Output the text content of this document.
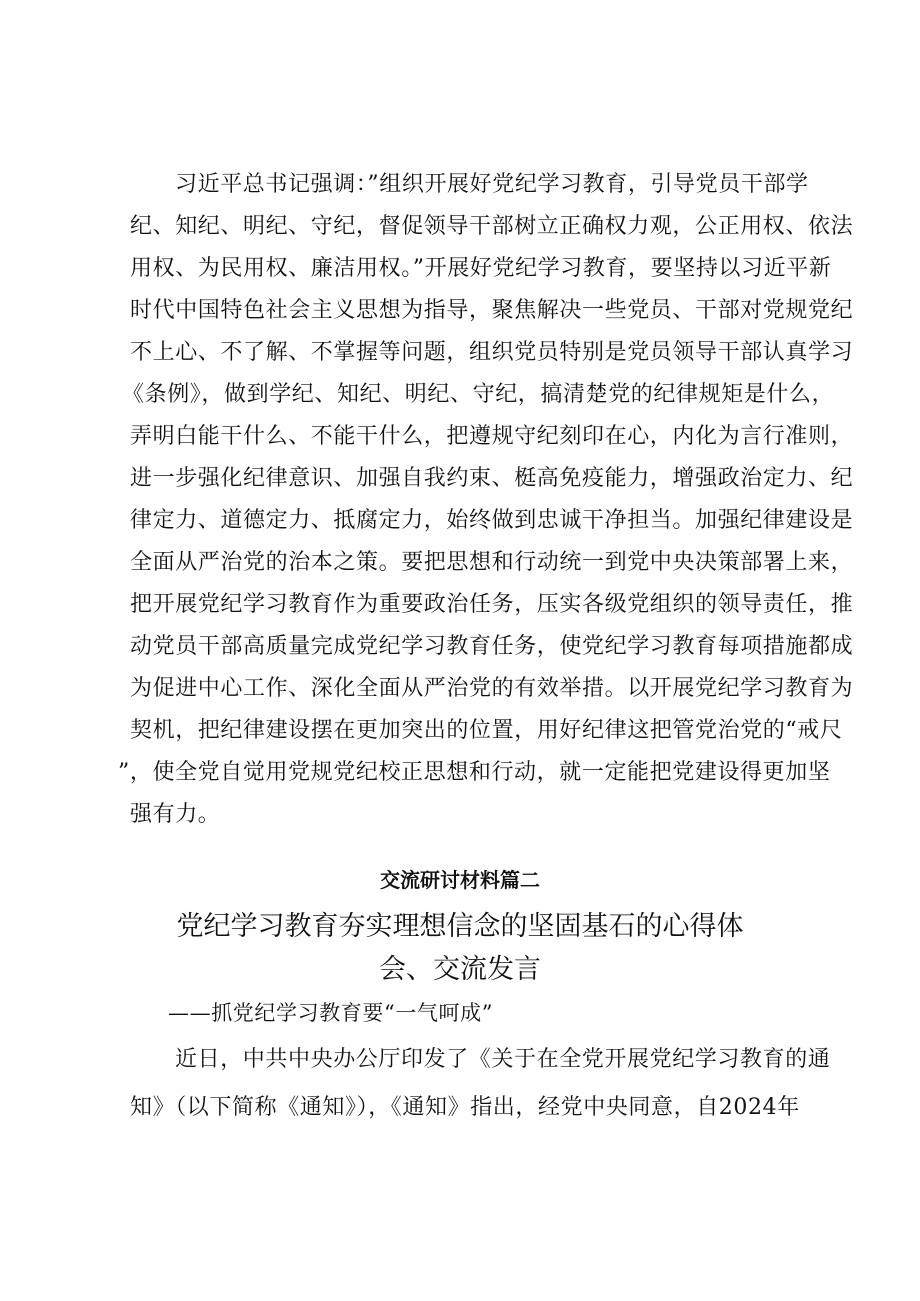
习近平总书记强调：”组织开展好党纪学习教育，引导党员干部学
纪、知纪、明纪、守纪，督促领导干部树立正确权力观，公正用权、依法
用权、为民用权、廉洁用权。”开展好党纪学习教育，要坚持以习近平新
时代中国特色社会主义思想为指导，聚焦解决一些党员、干部对党规党纪
不上心、不了解、不掌握等问题，组织党员特别是党员领导干部认真学习
《条例》，做到学纪、知纪、明纪、守纪，搞清楚党的纪律规矩是什么，
弄明白能干什么、不能干什么，把遵规守纪刻印在心，内化为言行准则，
进一步强化纪律意识、加强自我约束、梃高免疫能力，增强政治定力、纪
律定力、道德定力、抵腐定力，始终做到忠诚干净担当。加强纪律建设是
全面从严治党的治本之策。要把思想和行动统一到党中央决策部署上来，
把开展党纪学习教育作为重要政治任务，压实各级党组织的领导责任，推
动党员干部高质量完成党纪学习教育任务，使党纪学习教育每项措施都成
为促进中心工作、深化全面从严治党的有效举措。以开展党纪学习教育为
契机，把纪律建设摆在更加突出的位置，用好纪律这把管党治党的“戒尺
”，使全党自觉用党规党纪校正思想和行动，就一定能把党建设得更加坚
强有力。
交流研讨材料篇二
党纪学习教育夯实理想信念的坚固基石的心得体
会、交流发言
——抓党纪学习教育要“一气呵成”
近日，中共中央办公厅印发了《关于在全党开展党纪学习教育的通
知》（以下简称《通知》），《通知》指出，经党中央同意，自2024年
